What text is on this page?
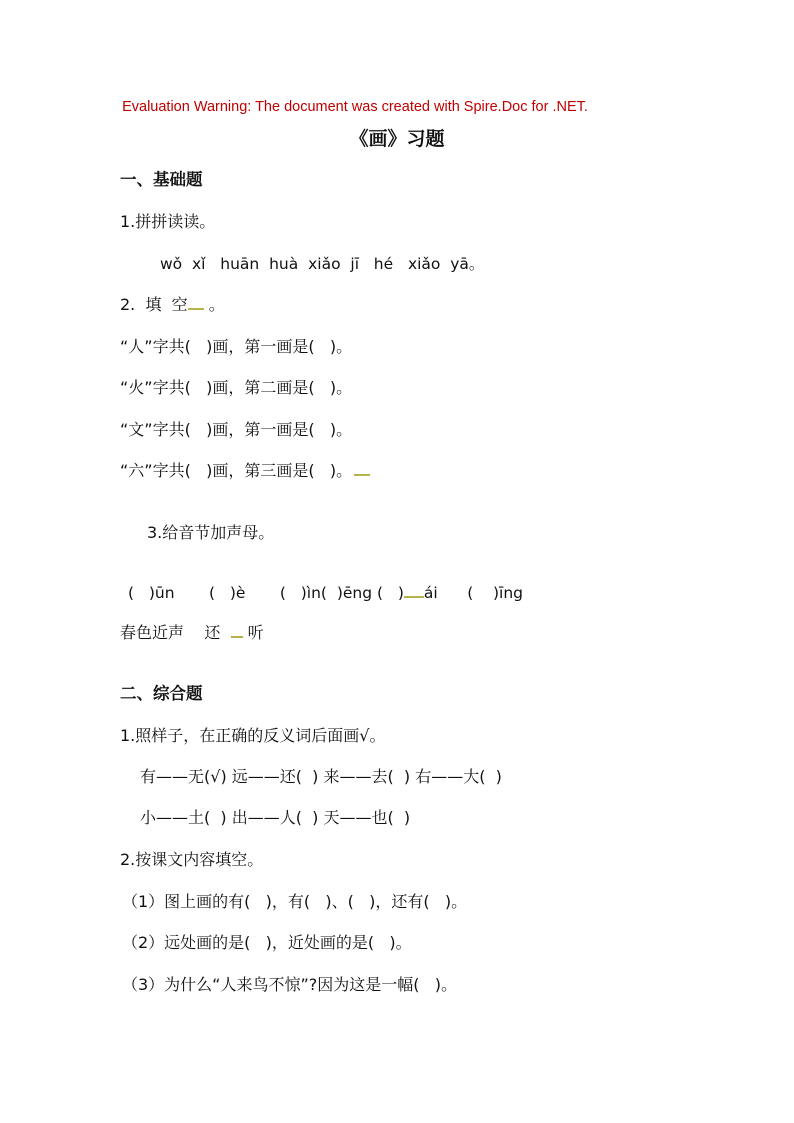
Evaluation Warning: The document was created with Spire.Doc for .NET.
《画》习题
一、基础题
1.拼拼读读。
wǒ  xǐ   huān  huà  xiǎo  jī   hé   xiǎo  yā。
2.  填  空 。
“人”字共(   )画，第一画是(   )。
“火”字共(   )画，第二画是(   )。
“文”字共(   )画，第一画是(   )。
“六”字共(   )画，第三画是(   )。
3.给音节加声母。
(   )ūn       (   )è       (   )ìn(  )ēng (   ) ái      (    )īng
春色近声    还   听
二、综合题
1.照样子，在正确的反义词后面画√。
有——无(√) 远——还(  ) 来——去(  ) 右——大(  )
小——土(  ) 出——人(  ) 天——也(  )
2.按课文内容填空。
（1）图上画的有(   )，有(   )、(   )，还有(   )。
（2）远处画的是(   )，近处画的是(   )。
（3）为什么“人来鸟不惊”?因为这是一幅(   )。
